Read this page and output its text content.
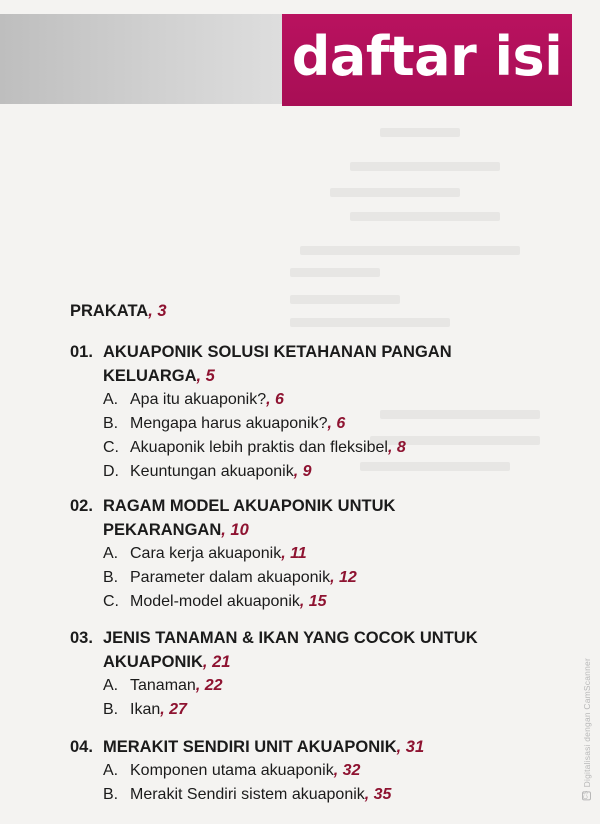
daftar isi
PRAKATA, 3
01. AKUAPONIK SOLUSI KETAHANAN PANGAN
KELUARGA, 5
A. Apa itu akuaponik?, 6
B. Mengapa harus akuaponik?, 6
C. Akuaponik lebih praktis dan fleksibel, 8
D. Keuntungan akuaponik, 9
02. RAGAM MODEL AKUAPONIK UNTUK
PEKARANGAN, 10
A. Cara kerja akuaponik, 11
B. Parameter dalam akuaponik, 12
C. Model-model akuaponik, 15
03. JENIS TANAMAN & IKAN YANG COCOK UNTUK
AKUAPONIK, 21
A. Tanaman, 22
B. Ikan, 27
04. MERAKIT SENDIRI UNIT AKUAPONIK, 31
A. Komponen utama akuaponik, 32
B. Merakit Sendiri sistem akuaponik, 35	CS
Digitalisasi dengan CamScanner
